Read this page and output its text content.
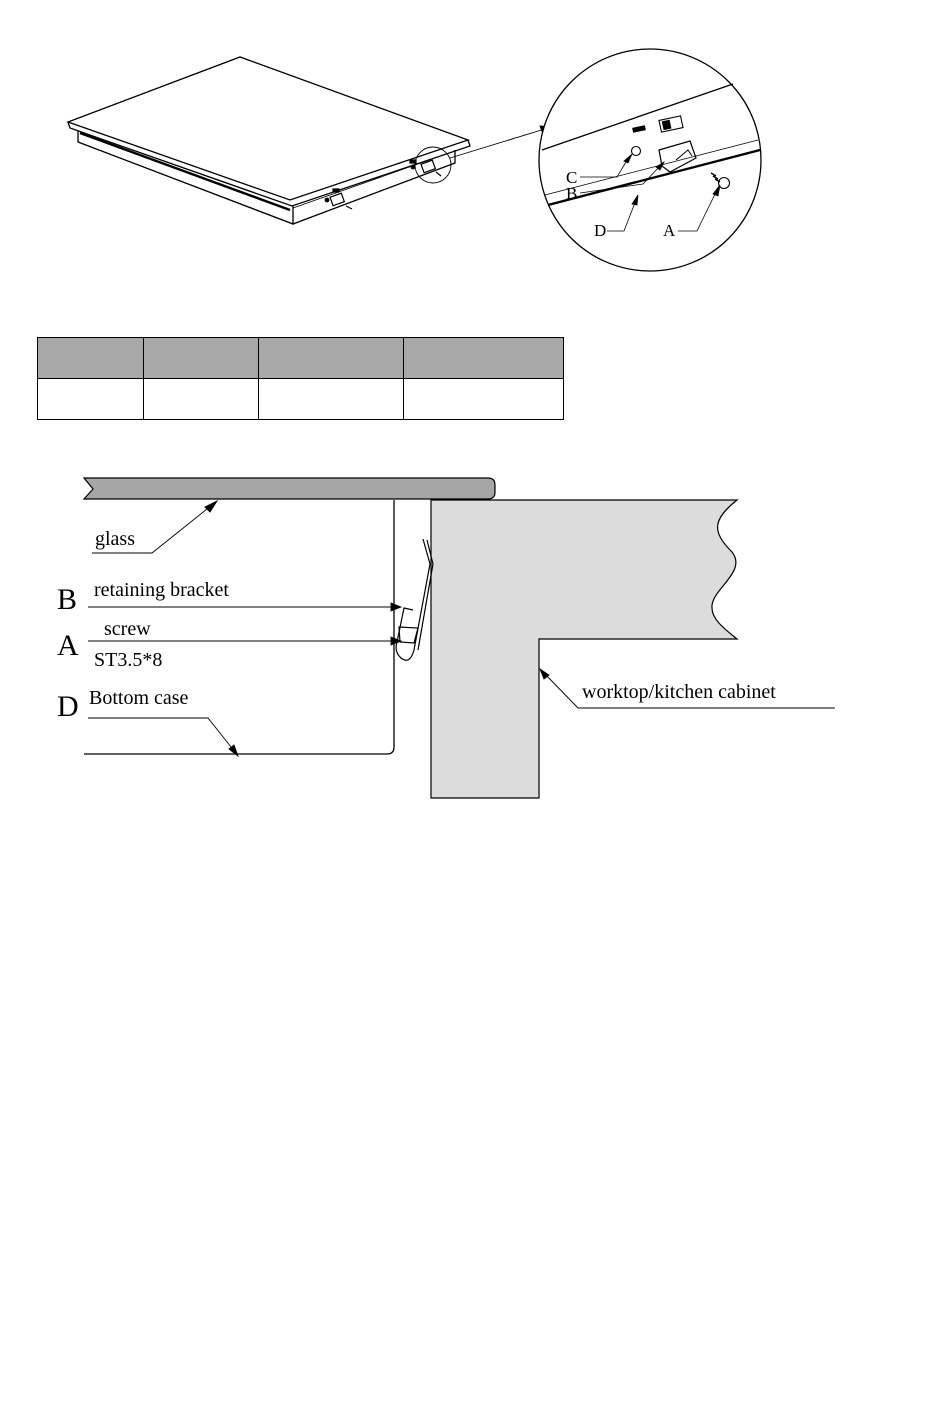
C
B
D	A

glass
B retaining bracket
A screw
ST3.5*8
D Bottom case	worktop/kitchen cabinet
